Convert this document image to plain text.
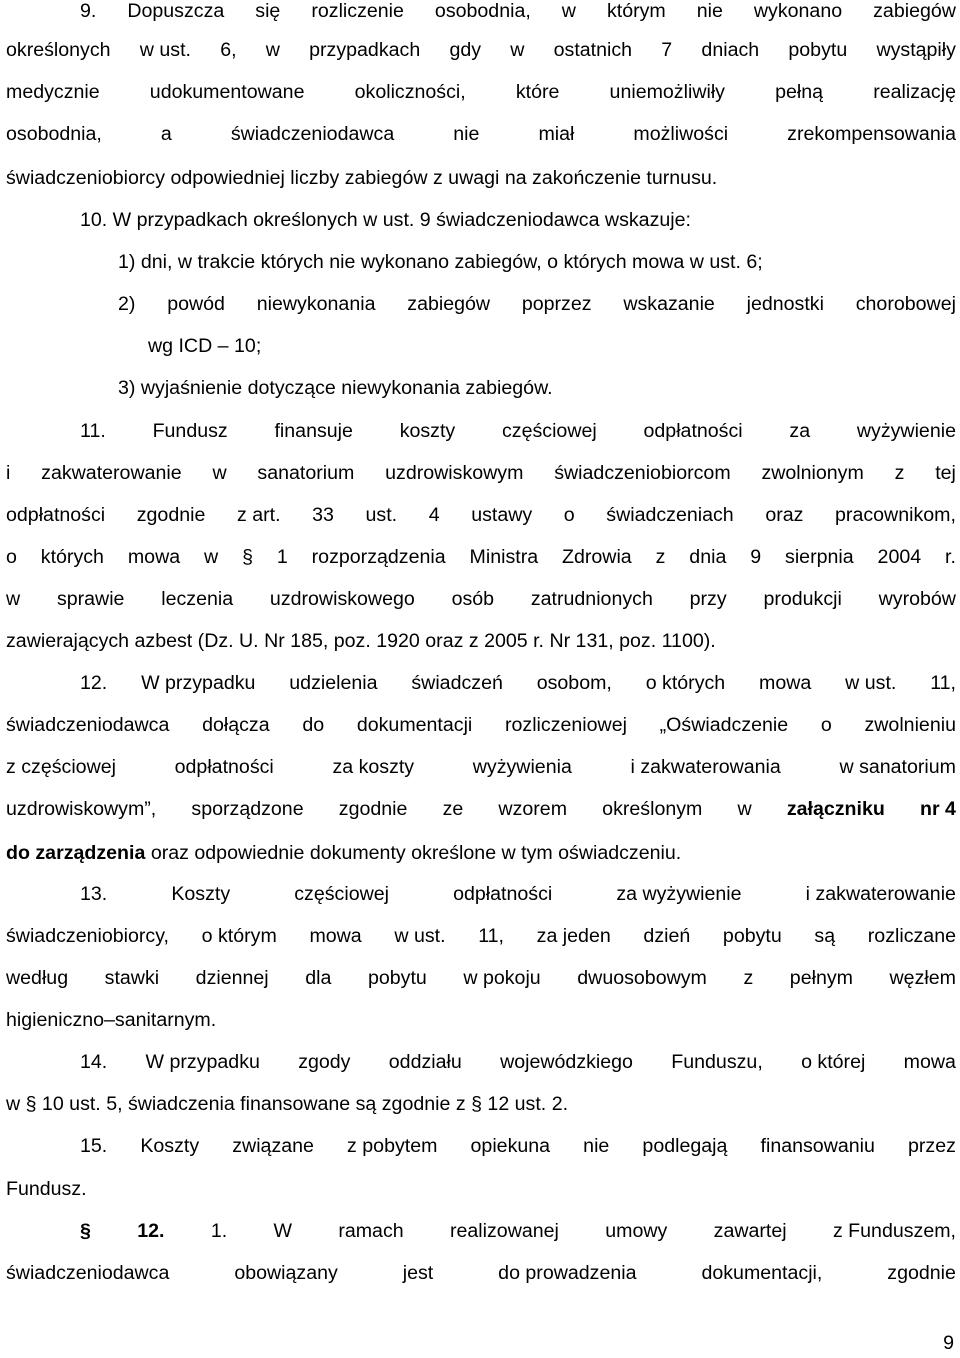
9. Dopuszcza się rozliczenie osobodnia, w którym nie wykonano zabiegów
określonych w ust. 6, w przypadkach gdy w ostatnich 7 dniach pobytu wystąpiły
medycznie	udokumentowane	okoliczności,	które	uniemożliwiły	pełną	realizację
osobodnia,	a	świadczeniodawca	nie	miał	możliwości	zrekompensowania
świadczeniobiorcy odpowiedniej liczby zabiegów z uwagi na zakończenie turnusu.
10. W przypadkach określonych w ust. 9 świadczeniodawca wskazuje:
1) dni, w trakcie których nie wykonano zabiegów, o których mowa w ust. 6;
2) powód niewykonania zabiegów poprzez wskazanie jednostki chorobowej
wg ICD – 10;
3) wyjaśnienie dotyczące niewykonania zabiegów.
11. Fundusz finansuje koszty częściowej odpłatności za wyżywienie
i zakwaterowanie w sanatorium uzdrowiskowym świadczeniobiorcom zwolnionym z tej
odpłatności zgodnie z art. 33 ust. 4 ustawy o świadczeniach oraz pracownikom,
o których mowa w § 1 rozporządzenia Ministra Zdrowia z dnia 9 sierpnia 2004 r.
w sprawie leczenia uzdrowiskowego osób zatrudnionych przy produkcji wyrobów
zawierających azbest (Dz. U. Nr 185, poz. 1920 oraz z 2005 r. Nr 131, poz. 1100).
12. W przypadku udzielenia świadczeń osobom, o których mowa w ust. 11,
świadczeniodawca dołącza do dokumentacji rozliczeniowej „Oświadczenie o zwolnieniu
z częściowej	odpłatności	za koszty	wyżywienia	i zakwaterowania	w sanatorium
uzdrowiskowym”, sporządzone zgodnie ze wzorem określonym w załączniku nr 4
do zarządzenia oraz odpowiednie dokumenty określone w tym oświadczeniu.
13.	Koszty	częściowej	odpłatności	za wyżywienie	i zakwaterowanie
świadczeniobiorcy, o którym mowa w ust. 11, za jeden dzień pobytu są rozliczane
według stawki dziennej dla pobytu w pokoju dwuosobowym z pełnym węzłem
higieniczno–sanitarnym.
14. W przypadku zgody oddziału wojewódzkiego Funduszu, o której mowa
w § 10 ust. 5, świadczenia finansowane są zgodnie z § 12 ust. 2.
15. Koszty związane z pobytem opiekuna nie podlegają finansowaniu przez
Fundusz.
§ 12. 1. W ramach realizowanej umowy zawartej z Funduszem,
świadczeniodawca	obowiązany	jest	do prowadzenia	dokumentacji,	zgodnie
9
